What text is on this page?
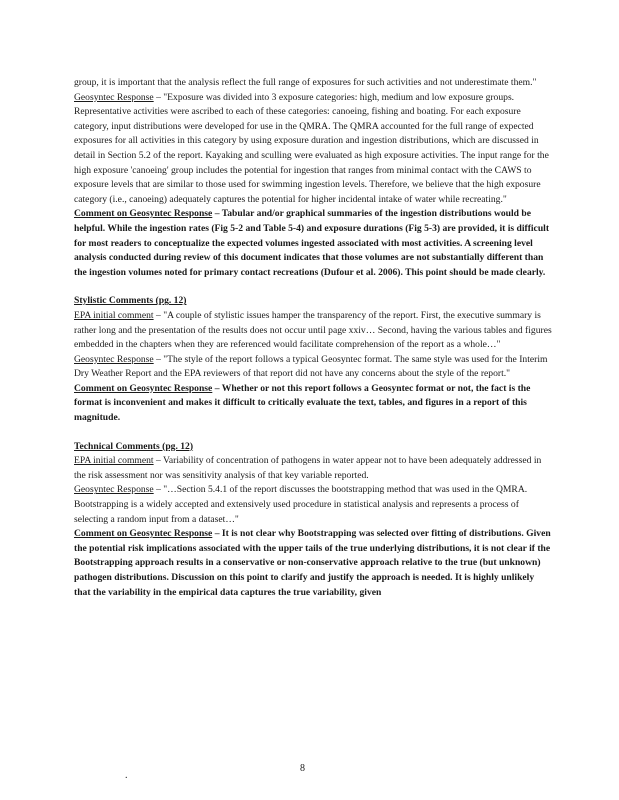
group, it is important that the analysis reflect the full range of exposures for such activities and not underestimate them."

Geosyntec Response – "Exposure was divided into 3 exposure categories: high, medium and low exposure groups. Representative activities were ascribed to each of these categories: canoeing, fishing and boating. For each exposure category, input distributions were developed for use in the QMRA. The QMRA accounted for the full range of expected exposures for all activities in this category by using exposure duration and ingestion distributions, which are discussed in detail in Section 5.2 of the report. Kayaking and sculling were evaluated as high exposure activities. The input range for the high exposure 'canoeing' group includes the potential for ingestion that ranges from minimal contact with the CAWS to exposure levels that are similar to those used for swimming ingestion levels. Therefore, we believe that the high exposure category (i.e., canoeing) adequately captures the potential for higher incidental intake of water while recreating."

Comment on Geosyntec Response – Tabular and/or graphical summaries of the ingestion distributions would be helpful. While the ingestion rates (Fig 5-2 and Table 5-4) and exposure durations (Fig 5-3) are provided, it is difficult for most readers to conceptualize the expected volumes ingested associated with most activities. A screening level analysis conducted during review of this document indicates that those volumes are not substantially different than the ingestion volumes noted for primary contact recreations (Dufour et al. 2006). This point should be made clearly.

Stylistic Comments (pg. 12)

EPA initial comment – "A couple of stylistic issues hamper the transparency of the report. First, the executive summary is rather long and the presentation of the results does not occur until page xxiv… Second, having the various tables and figures embedded in the chapters when they are referenced would facilitate comprehension of the report as a whole…"

Geosyntec Response – "The style of the report follows a typical Geosyntec format. The same style was used for the Interim Dry Weather Report and the EPA reviewers of that report did not have any concerns about the style of the report."

Comment on Geosyntec Response – Whether or not this report follows a Geosyntec format or not, the fact is the format is inconvenient and makes it difficult to critically evaluate the text, tables, and figures in a report of this magnitude.

Technical Comments (pg. 12)

EPA initial comment – Variability of concentration of pathogens in water appear not to have been adequately addressed in the risk assessment nor was sensitivity analysis of that key variable reported.

Geosyntec Response – "…Section 5.4.1 of the report discusses the bootstrapping method that was used in the QMRA. Bootstrapping is a widely accepted and extensively used procedure in statistical analysis and represents a process of selecting a random input from a dataset…"

Comment on Geosyntec Response – It is not clear why Bootstrapping was selected over fitting of distributions. Given the potential risk implications associated with the upper tails of the true underlying distributions, it is not clear if the Bootstrapping approach results in a conservative or non-conservative approach relative to the true (but unknown) pathogen distributions. Discussion on this point to clarify and justify the approach is needed. It is highly unlikely that the variability in the empirical data captures the true variability, given

.
8
